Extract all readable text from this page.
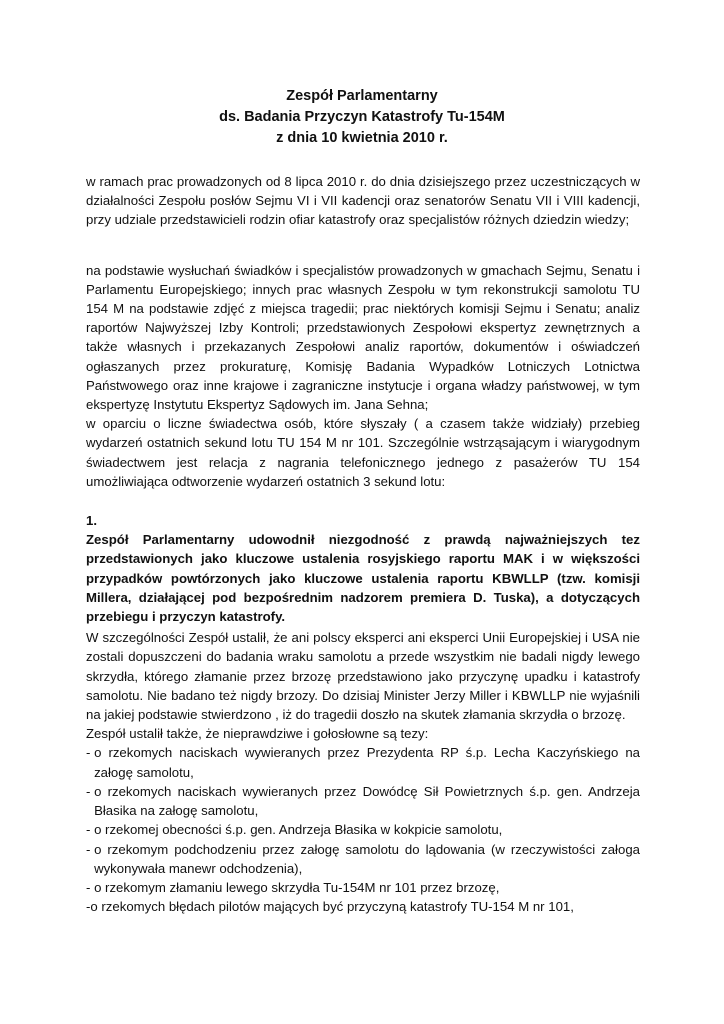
Zespół Parlamentarny
ds. Badania Przyczyn Katastrofy Tu-154M
z dnia 10 kwietnia 2010 r.

w ramach prac prowadzonych od 8 lipca 2010 r. do dnia dzisiejszego przez uczestniczących w działalności Zespołu posłów Sejmu VI i VII kadencji oraz senatorów Senatu VII i VIII kadencji, przy udziale przedstawicieli rodzin ofiar katastrofy oraz specjalistów różnych dziedzin wiedzy;

na podstawie wysłuchań świadków i specjalistów prowadzonych w gmachach Sejmu, Senatu i Parlamentu Europejskiego; innych prac własnych Zespołu w tym rekonstrukcji samolotu TU 154 M na podstawie zdjęć z miejsca tragedii; prac niektórych komisji Sejmu i Senatu; analiz raportów Najwyższej Izby Kontroli; przedstawionych Zespołowi ekspertyz zewnętrznych a także własnych i przekazanych Zespołowi analiz raportów, dokumentów i oświadczeń ogłaszanych przez prokuraturę, Komisję Badania Wypadków Lotniczych Lotnictwa Państwowego oraz inne krajowe i zagraniczne instytucje i organa władzy państwowej, w tym ekspertyzę Instytutu Ekspertyz Sądowych im. Jana Sehna;

w oparciu o liczne świadectwa osób, które słyszały ( a czasem także widziały) przebieg wydarzeń ostatnich sekund lotu TU 154 M nr 101. Szczególnie wstrząsającym i wiarygodnym świadectwem jest relacja z nagrania telefonicznego jednego z pasażerów TU 154 umożliwiająca odtworzenie wydarzeń ostatnich 3 sekund lotu:

1.

Zespół Parlamentarny udowodnił niezgodność z prawdą najważniejszych tez przedstawionych jako kluczowe ustalenia rosyjskiego raportu MAK i w większości przypadków powtórzonych jako kluczowe ustalenia raportu KBWLLP (tzw. komisji Millera, działającej pod bezpośrednim nadzorem premiera D. Tuska), a dotyczących przebiegu i przyczyn katastrofy.

W szczególności Zespół ustalił, że ani polscy eksperci ani eksperci Unii Europejskiej i USA nie zostali dopuszczeni do badania wraku samolotu a przede wszystkim nie badali nigdy lewego skrzydła, którego złamanie przez brzozę przedstawiono jako przyczynę upadku i katastrofy samolotu. Nie badano też nigdy brzozy. Do dzisiaj Minister Jerzy Miller i KBWLLP nie wyjaśnili na jakiej podstawie stwierdzono , iż do tragedii doszło na skutek złamania skrzydła o brzozę.

Zespół ustalił także, że nieprawdziwe i gołosłowne są tezy:

- o rzekomych naciskach wywieranych przez Prezydenta RP ś.p. Lecha Kaczyńskiego na załogę samolotu,
- o rzekomych naciskach wywieranych przez Dowódcę Sił Powietrznych ś.p. gen. Andrzeja Błasika na załogę samolotu,
- o rzekomej obecności ś.p. gen. Andrzeja Błasika w kokpicie samolotu,
- o rzekomym podchodzeniu przez załogę samolotu do lądowania (w rzeczywistości załoga wykonywała manewr odchodzenia),
- o rzekomym złamaniu lewego skrzydła Tu-154M nr 101 przez brzozę,
- o rzekomych błędach pilotów mających być przyczyną katastrofy TU-154 M nr 101,
